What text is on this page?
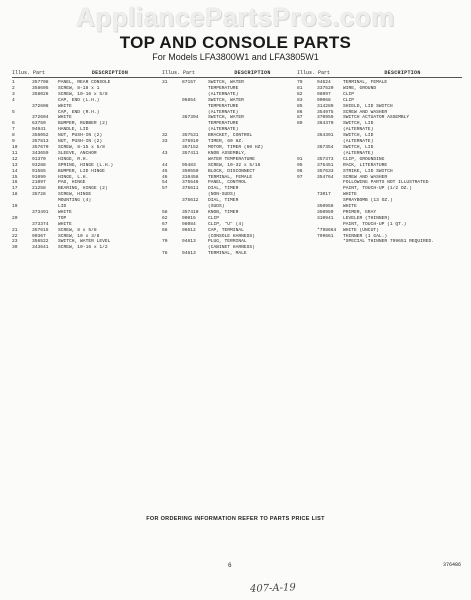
AppliancePartsPros.com
TOP AND CONSOLE PARTS
For Models LFA3800W1 and LFA3805W1
Illus. Part	DESCRIPTION
1	357708	PANEL, REAR CONSOLE
2	358605	SCREW, 8-18 x 1
3	358026	SCREW, 10-16 x 5/8
4	CAP, END (L.H.)
372608	WHITE
5	CAP, END (R.H.)
372604	WHITE
6	63750	BUMPER, RUBBER (2)
7	94941	HANDLE, LID
8	356052	NUT, PUSH-IN (2)
9	357813	NUT, PUSH-IN (2)
10	357670	SCREW, 8-15 x 5/8
11	343659	SLEEVE, ANCHOR
12	91370	HINGE, R.H.
13	93288	SPRING, HINGE (L.H.)
14	91565	BUMPER, LID HINGE
15	91099	HINGE, L.H.
16	21097	PAD, HINGE
17	21258	BEARING, HINGE (2)
18	35728	SCREW, HINGE
MOUNTING (4)
19	LID
373491	WHITE
20	TOP
373374	WHITE
21	357615	SCREW, 8 x 5/8
22	90367	SCREW, 10 x 3/8
23	356522	SWITCH, WATER LEVEL
30	343641	SCREW, 10-16 x 1/2
Illus. Part	DESCRIPTION
31	87157	SWITCH, WATER
TEMPERATURE
(ALTERNATE)
96854	SWITCH, WATER
TEMPERATURE
(ALTERNATE)
387394	SWITCH, WATER
TEMPERATURE
(ALTERNATE)
32	357531	BRACKET, CONTROL
33	376919	TIMER, 60 HZ.
367152	MOTOR, TIMER (60 HZ)
43	357411	KNOB ASSEMBLY,
WATER TEMPERATURE
44	95483	SCREW, 10-32 x 5/16
45	350559	BLOCK, DISCONNECT
46	310458	TERMINAL, FEMALE
54	375546	PANEL, CONTROL
57	375611	DIAL, TIMER
(NON-SUDS)
375612	DIAL, TIMER
(SUDS)
58	357410	KNOB, TIMER
62	90015	CLIP
67	98084	CLIP, "U" (4)
68	96612	CAP, TERMINAL
(CONSOLE HARNESS)
70	94613	PLUG, TERMINAL
(CABINET HARNESS)
78	94613	TERMINAL, MALE
Illus. Part	DESCRIPTION
79	94624	TERMINAL, FEMALE
81	337520	WIRE, GROUND
82	98097	CLIP
83	90068	CLIP
85	314289	SHIELD, LID SWITCH
86	354975	SCREW AND WASHER
87	370959	SWITCH ACTUATOR ASSEMBLY
89	364370	SWITCH, LID
(ALTERNATE)
364391	SWITCH, LID
(ALTERNATE)
367354	SWITCH, LID
(ALTERNATE)
91	357373	CLIP, GROUNDING
95	375451	RACK, LITERATURE
96	357633	STRIKE, LID SWITCH
97	354764	SCREW AND WASHER
FOLLOWING PARTS NOT ILLUSTRATED
PAINT, TOUCH-UP (1/2 OZ.)
73017	WHITE
SPRAYBOMB (13 OZ.)
350958	WHITE
350959	PRIMER, GRAY
310941	LEVELER (THINNER)
PAINT, TOUCH-UP (1 QT.)
*798664	WHITE (UNCUT)
799661	THINNER (1 GAL.)
*SPECIAL THINNER 799651 REQUIRED.
FOR ORDERING INFORMATION REFER TO PARTS PRICE LIST
6	376486
407-A-19
